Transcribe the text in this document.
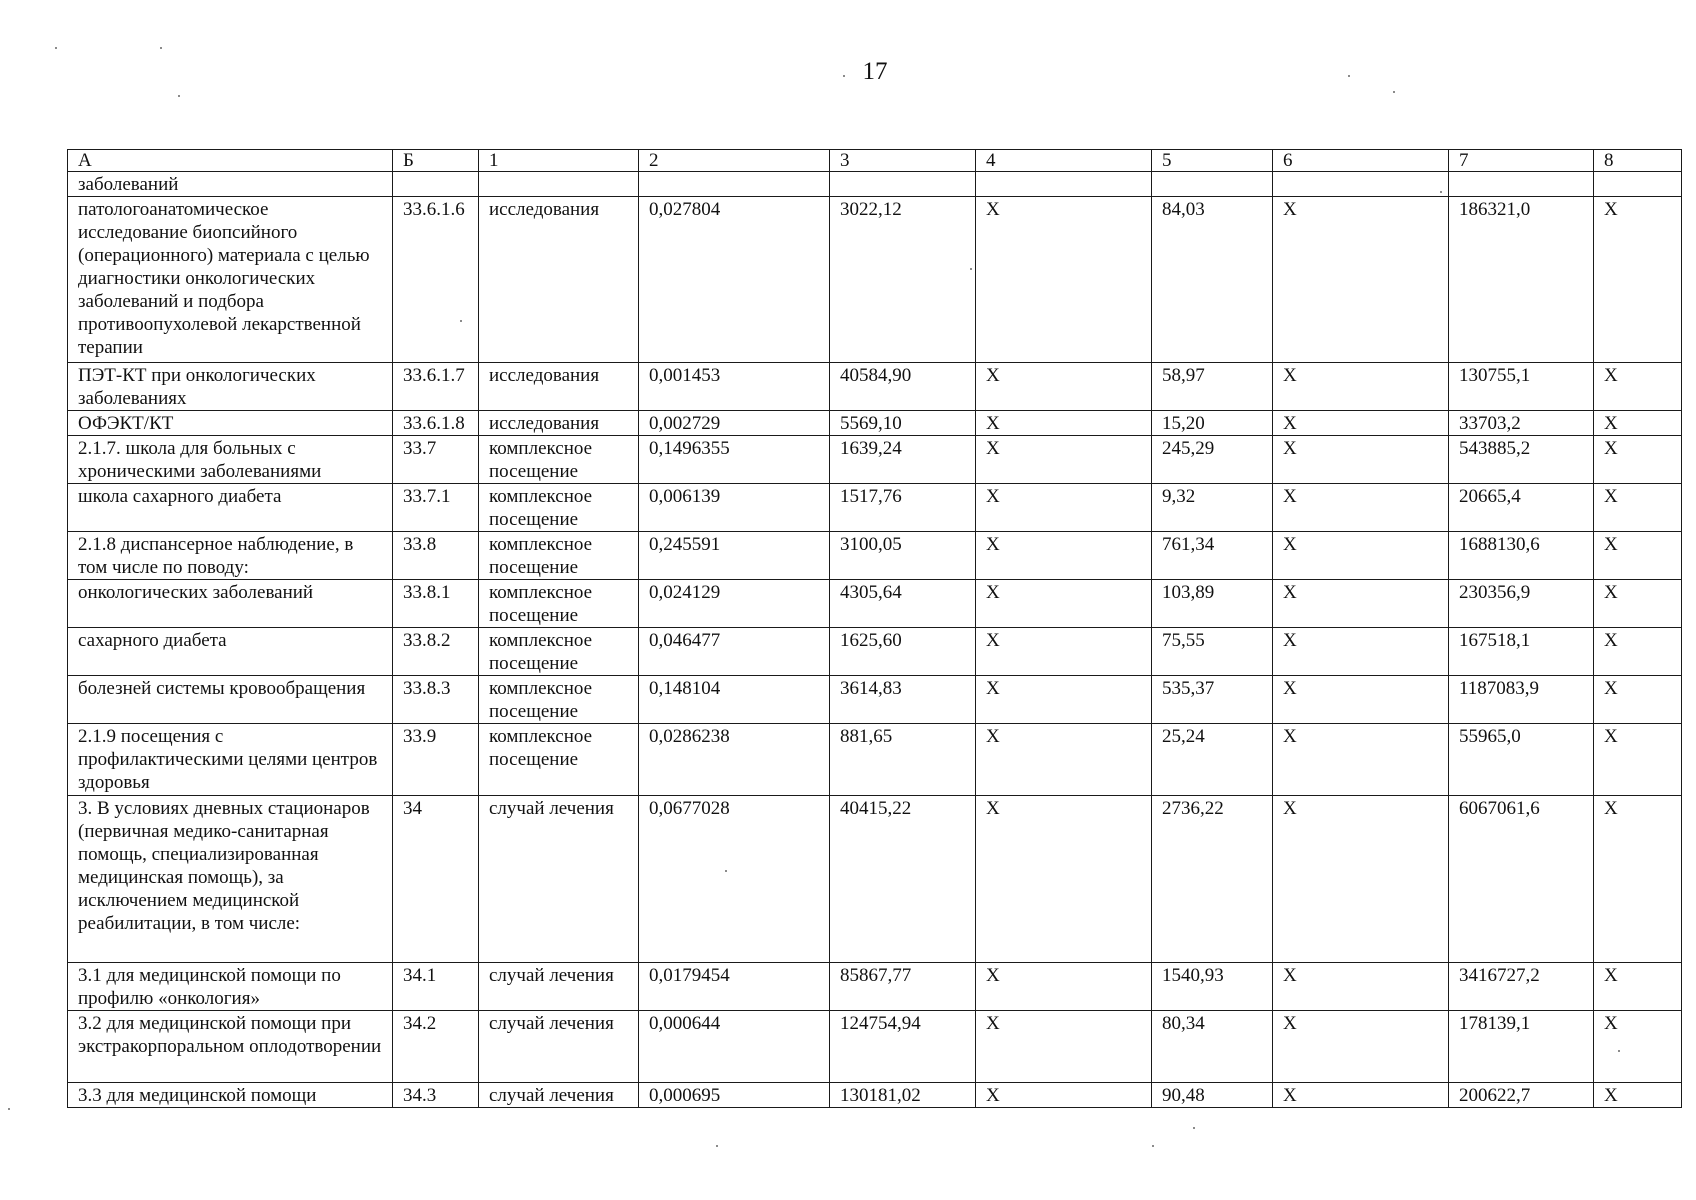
17
А	Б	1	2	3	4	5	6	7	8
заболеваний									
патологоанатомическое исследование биопсийного (операционного) материала с целью диагностики онкологических заболеваний и подбора противоопухолевой лекарственной терапии	33.6.1.6	исследования	0,027804	3022,12	Х	84,03	Х	186321,0	Х
ПЭТ-КТ при онкологических заболеваниях	33.6.1.7	исследования	0,001453	40584,90	Х	58,97	Х	130755,1	Х
ОФЭКТ/КТ	33.6.1.8	исследования	0,002729	5569,10	Х	15,20	Х	33703,2	Х
2.1.7. школа для больных с хроническими заболеваниями	33.7	комплексное посещение	0,1496355	1639,24	Х	245,29	Х	543885,2	Х
школа сахарного диабета	33.7.1	комплексное посещение	0,006139	1517,76	Х	9,32	Х	20665,4	Х
2.1.8 диспансерное наблюдение, в том числе по поводу:	33.8	комплексное посещение	0,245591	3100,05	Х	761,34	Х	1688130,6	Х
онкологических заболеваний	33.8.1	комплексное посещение	0,024129	4305,64	Х	103,89	Х	230356,9	Х
сахарного диабета	33.8.2	комплексное посещение	0,046477	1625,60	Х	75,55	Х	167518,1	Х
болезней системы кровообращения	33.8.3	комплексное посещение	0,148104	3614,83	Х	535,37	Х	1187083,9	Х
2.1.9 посещения с профилактическими целями центров здоровья	33.9	комплексное посещение	0,0286238	881,65	Х	25,24	Х	55965,0	Х
3. В условиях дневных стационаров (первичная медико-санитарная помощь, специализированная медицинская помощь), за исключением медицинской реабилитации, в том числе:	34	случай лечения	0,0677028	40415,22	Х	2736,22	Х	6067061,6	Х
3.1 для медицинской помощи по профилю «онкология»	34.1	случай лечения	0,0179454	85867,77	Х	1540,93	Х	3416727,2	Х
3.2 для медицинской помощи при экстракорпоральном оплодотворении	34.2	случай лечения	0,000644	124754,94	Х	80,34	Х	178139,1	Х
3.3 для медицинской помощи	34.3	случай лечения	0,000695	130181,02	Х	90,48	Х	200622,7	Х
